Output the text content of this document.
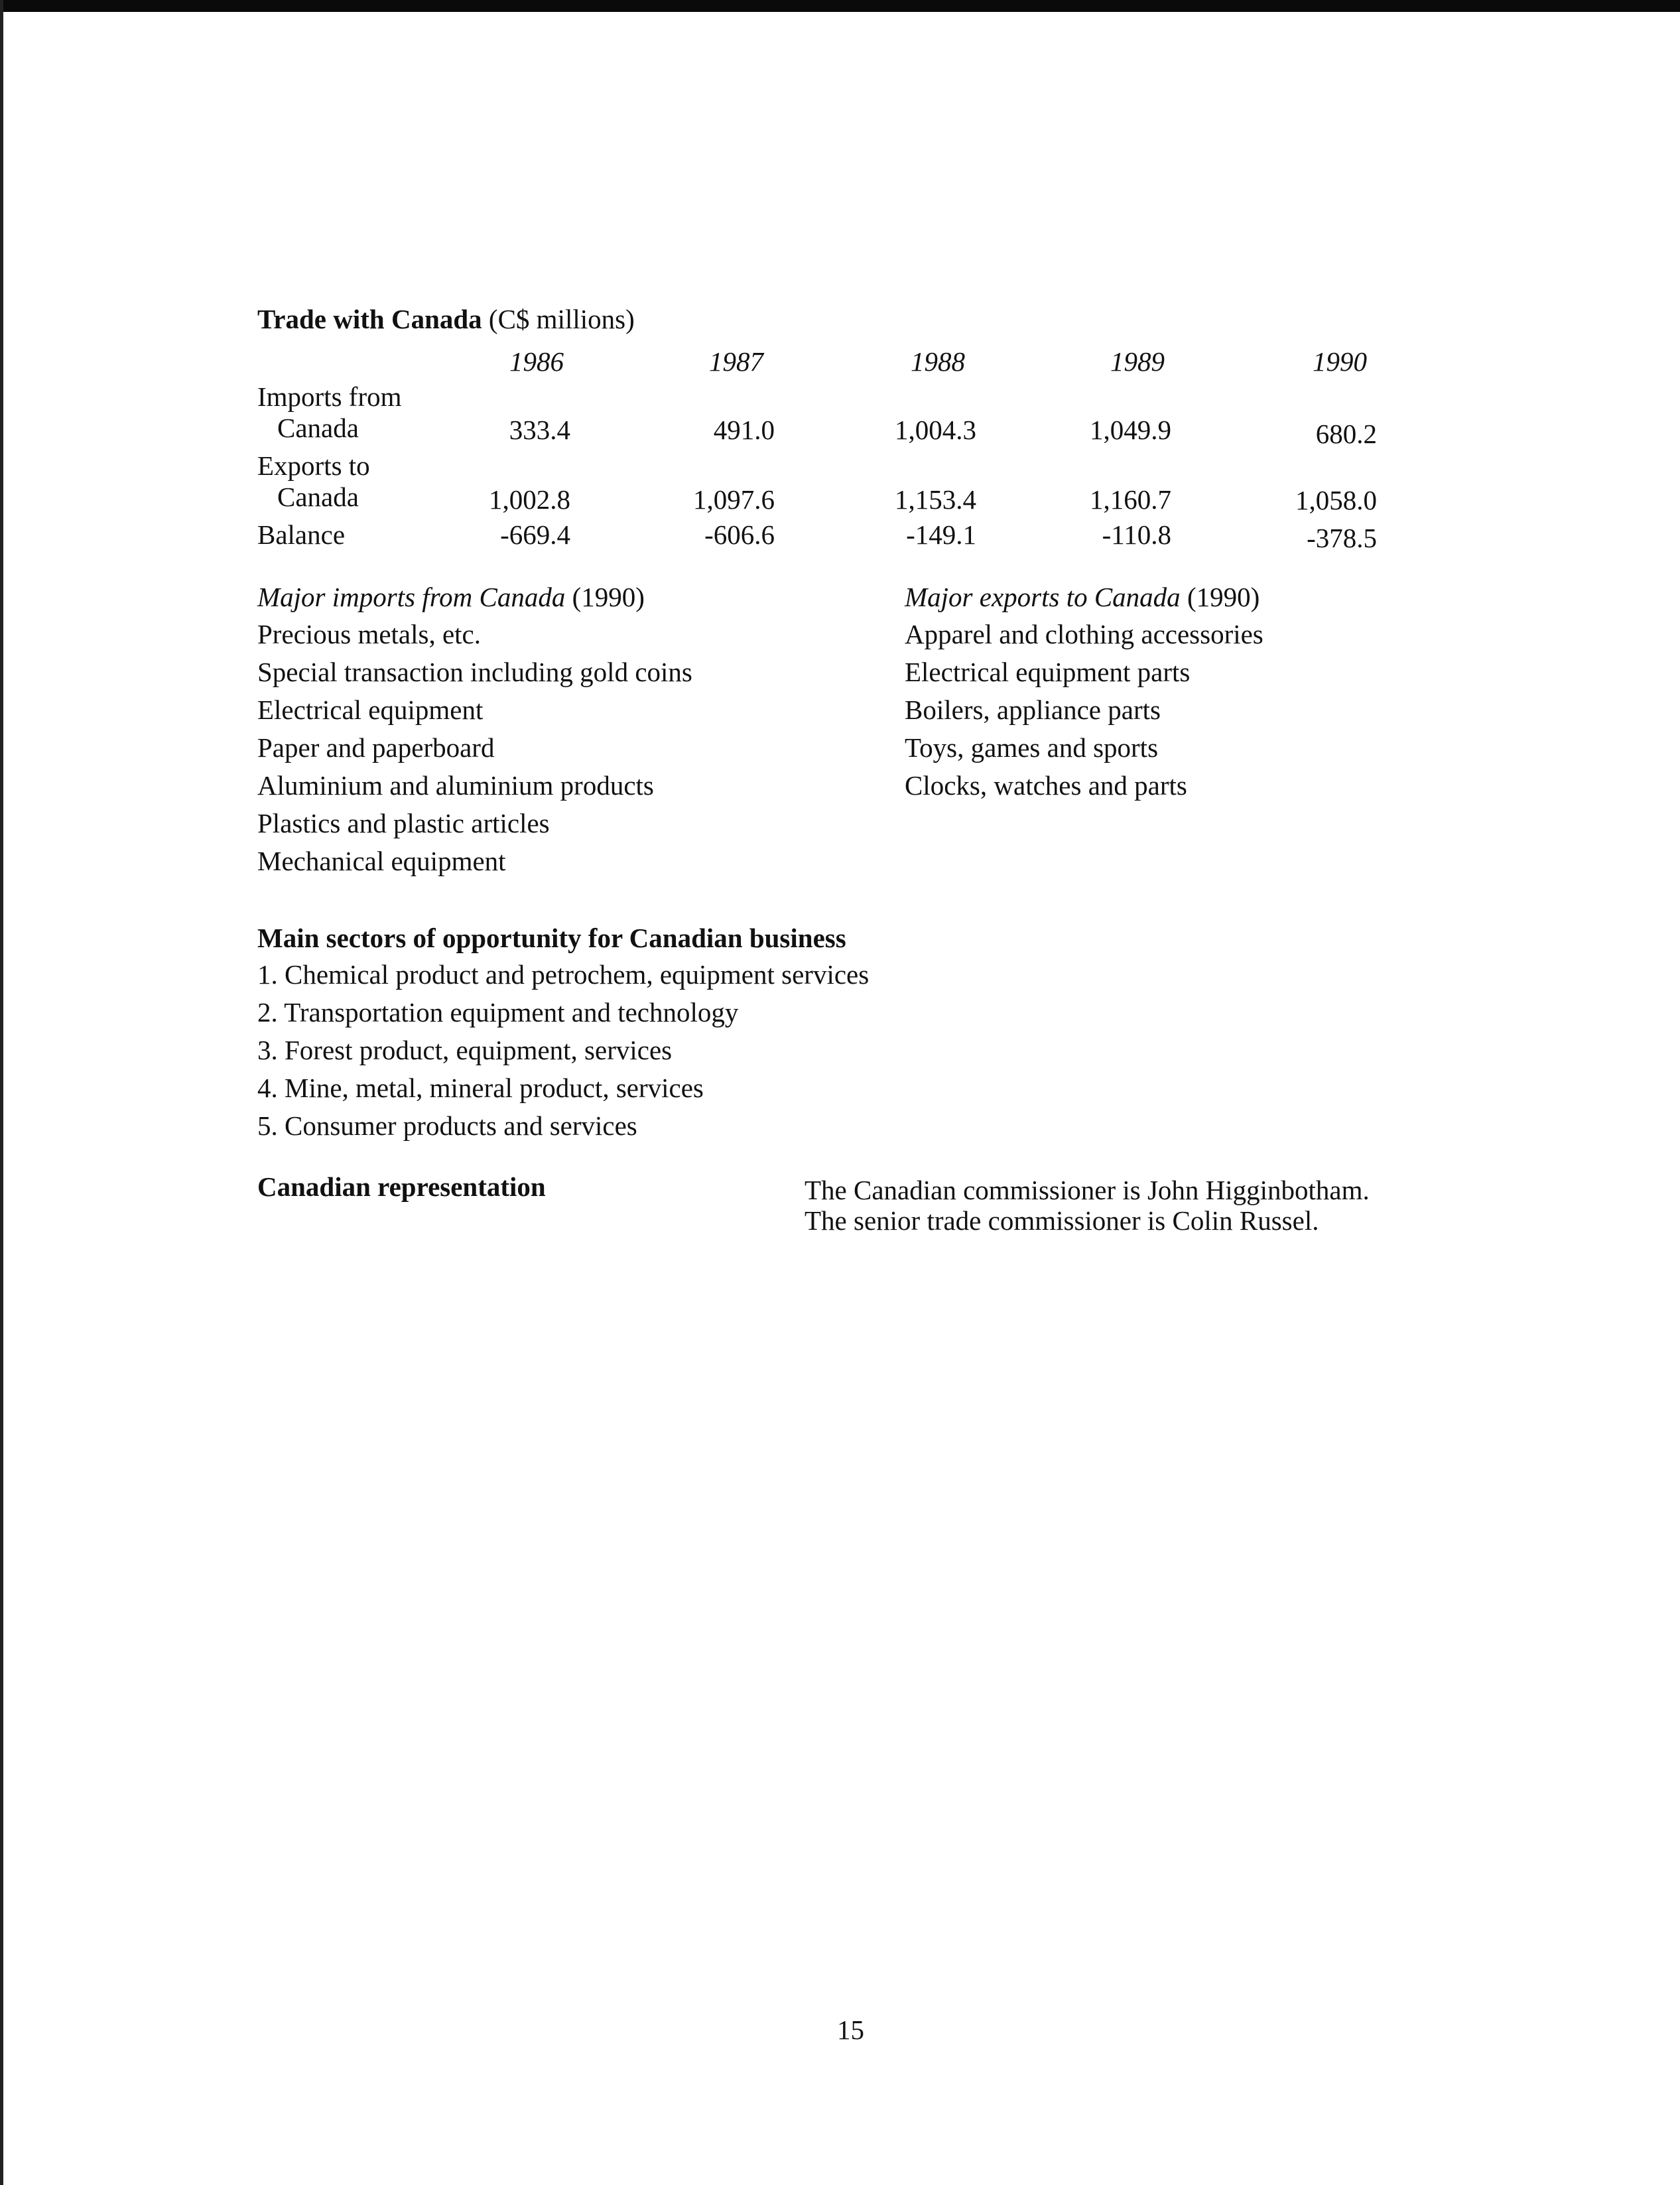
Trade with Canada (C$ millions)
1986	1987	1988	1989	1990
Imports from
Canada	333.4	491.0	1,004.3	1,049.9	680.2
Exports to
Canada	1,002.8	1,097.6	1,153.4	1,160.7	1,058.0
Balance	-669.4	-606.6	-149.1	-110.8	-378.5
Major imports from Canada (1990)
Precious metals, etc.
Special transaction including gold coins
Electrical equipment
Paper and paperboard
Aluminium and aluminium products
Plastics and plastic articles
Mechanical equipment
Major exports to Canada (1990)
Apparel and clothing accessories
Electrical equipment parts
Boilers, appliance parts
Toys, games and sports
Clocks, watches and parts
Main sectors of opportunity for Canadian business
1. Chemical product and petrochem, equipment services
2. Transportation equipment and technology
3. Forest product, equipment, services
4. Mine, metal, mineral product, services
5. Consumer products and services
Canadian representation	The Canadian commissioner is John Higginbotham.
The senior trade commissioner is Colin Russel.
15
